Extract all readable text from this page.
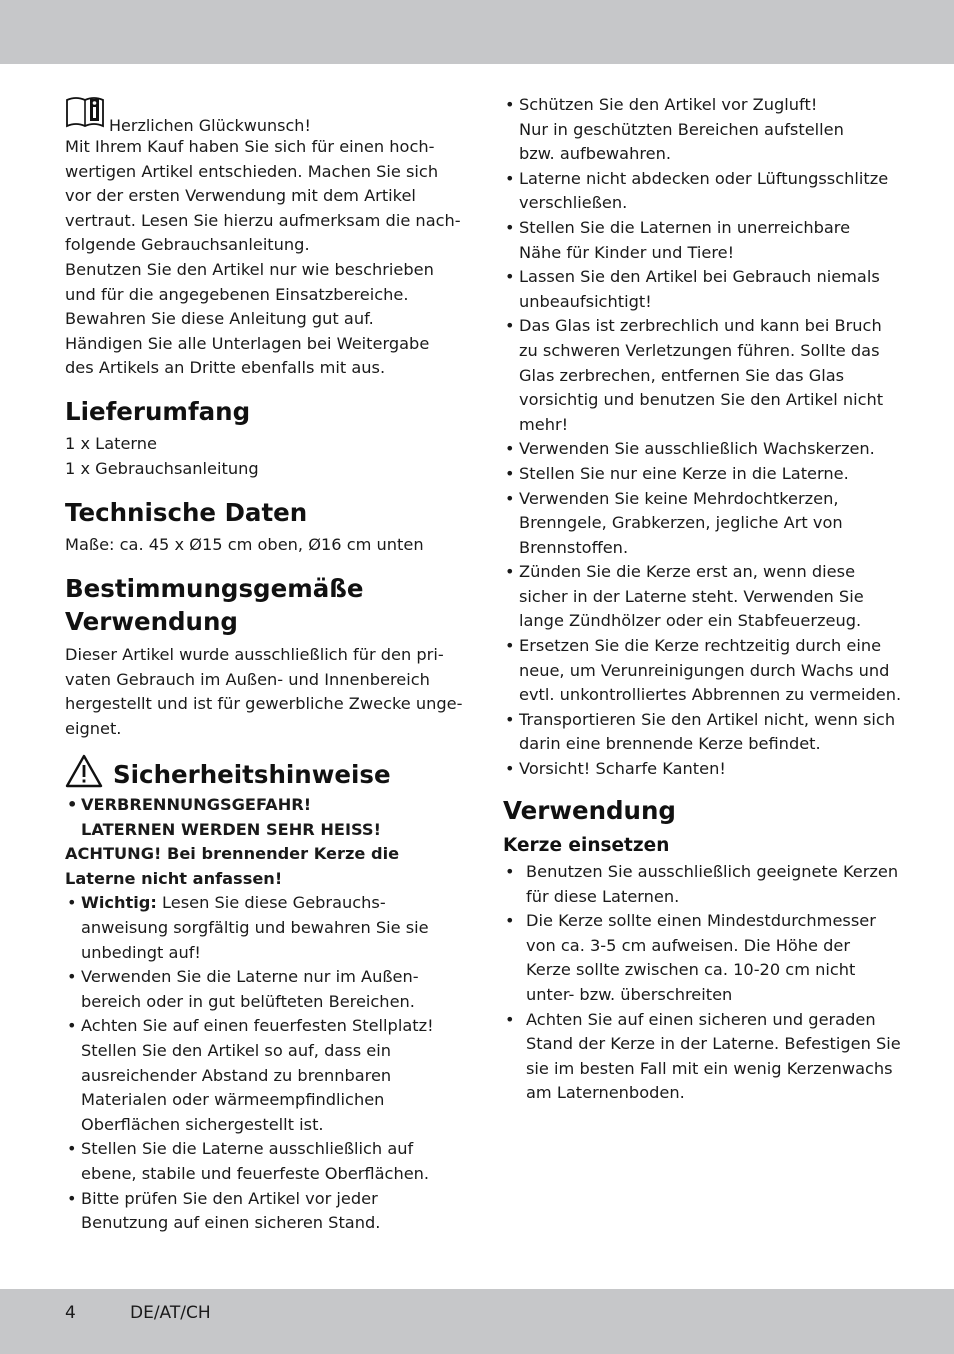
Herzlichen Glückwunsch!
Mit Ihrem Kauf haben Sie sich für einen hoch-
wertigen Artikel entschieden. Machen Sie sich
vor der ersten Verwendung mit dem Artikel
vertraut. Lesen Sie hierzu aufmerksam die nach-
folgende Gebrauchsanleitung.
Benutzen Sie den Artikel nur wie beschrieben
und für die angegebenen Einsatzbereiche.
Bewahren Sie diese Anleitung gut auf.
Händigen Sie alle Unterlagen bei Weitergabe
des Artikels an Dritte ebenfalls mit aus.
Lieferumfang
1 x Laterne
1 x Gebrauchsanleitung
Technische Daten
Maße: ca. 45 x Ø15 cm oben, Ø16 cm unten
Bestimmungsgemäße
Verwendung
Dieser Artikel wurde ausschließlich für den pri-
vaten Gebrauch im Außen- und Innenbereich
hergestellt und ist für gewerbliche Zwecke unge-
eignet.
Sicherheitshinweise
• VERBRENNUNGSGEFAHR!
LATERNEN WERDEN SEHR HEISS!
ACHTUNG! Bei brennender Kerze die
Laterne nicht anfassen!
• Wichtig: Lesen Sie diese Gebrauchs-
anweisung sorgfältig und bewahren Sie sie
unbedingt auf!
• Verwenden Sie die Laterne nur im Außen-
bereich oder in gut belüfteten Bereichen.
• Achten Sie auf einen feuerfesten Stellplatz!
Stellen Sie den Artikel so auf, dass ein
ausreichender Abstand zu brennbaren
Materialen oder wärmeempfindlichen
Oberflächen sichergestellt ist.
• Stellen Sie die Laterne ausschließlich auf
ebene, stabile und feuerfeste Oberflächen.
• Bitte prüfen Sie den Artikel vor jeder
Benutzung auf einen sicheren Stand.
• Schützen Sie den Artikel vor Zugluft!
Nur in geschützten Bereichen aufstellen
bzw. aufbewahren.
• Laterne nicht abdecken oder Lüftungsschlitze
verschließen.
• Stellen Sie die Laternen in unerreichbare
Nähe für Kinder und Tiere!
• Lassen Sie den Artikel bei Gebrauch niemals
unbeaufsichtigt!
• Das Glas ist zerbrechlich und kann bei Bruch
zu schweren Verletzungen führen. Sollte das
Glas zerbrechen, entfernen Sie das Glas
vorsichtig und benutzen Sie den Artikel nicht
mehr!
• Verwenden Sie ausschließlich Wachskerzen.
• Stellen Sie nur eine Kerze in die Laterne.
• Verwenden Sie keine Mehrdochtkerzen,
Brenngele, Grabkerzen, jegliche Art von
Brennstoffen.
• Zünden Sie die Kerze erst an, wenn diese
sicher in der Laterne steht. Verwenden Sie
lange Zündhölzer oder ein Stabfeuerzeug.
• Ersetzen Sie die Kerze rechtzeitig durch eine
neue, um Verunreinigungen durch Wachs und
evtl. unkontrolliertes Abbrennen zu vermeiden.
• Transportieren Sie den Artikel nicht, wenn sich
darin eine brennende Kerze befindet.
• Vorsicht! Scharfe Kanten!
Verwendung
Kerze einsetzen
• Benutzen Sie ausschließlich geeignete Kerzen
für diese Laternen.
• Die Kerze sollte einen Mindestdurchmesser
von ca. 3-5 cm aufweisen. Die Höhe der
Kerze sollte zwischen ca. 10-20 cm nicht
unter- bzw. überschreiten
• Achten Sie auf einen sicheren und geraden
Stand der Kerze in der Laterne. Befestigen Sie
sie im besten Fall mit ein wenig Kerzenwachs
am Laternenboden.
4	DE/AT/CH
